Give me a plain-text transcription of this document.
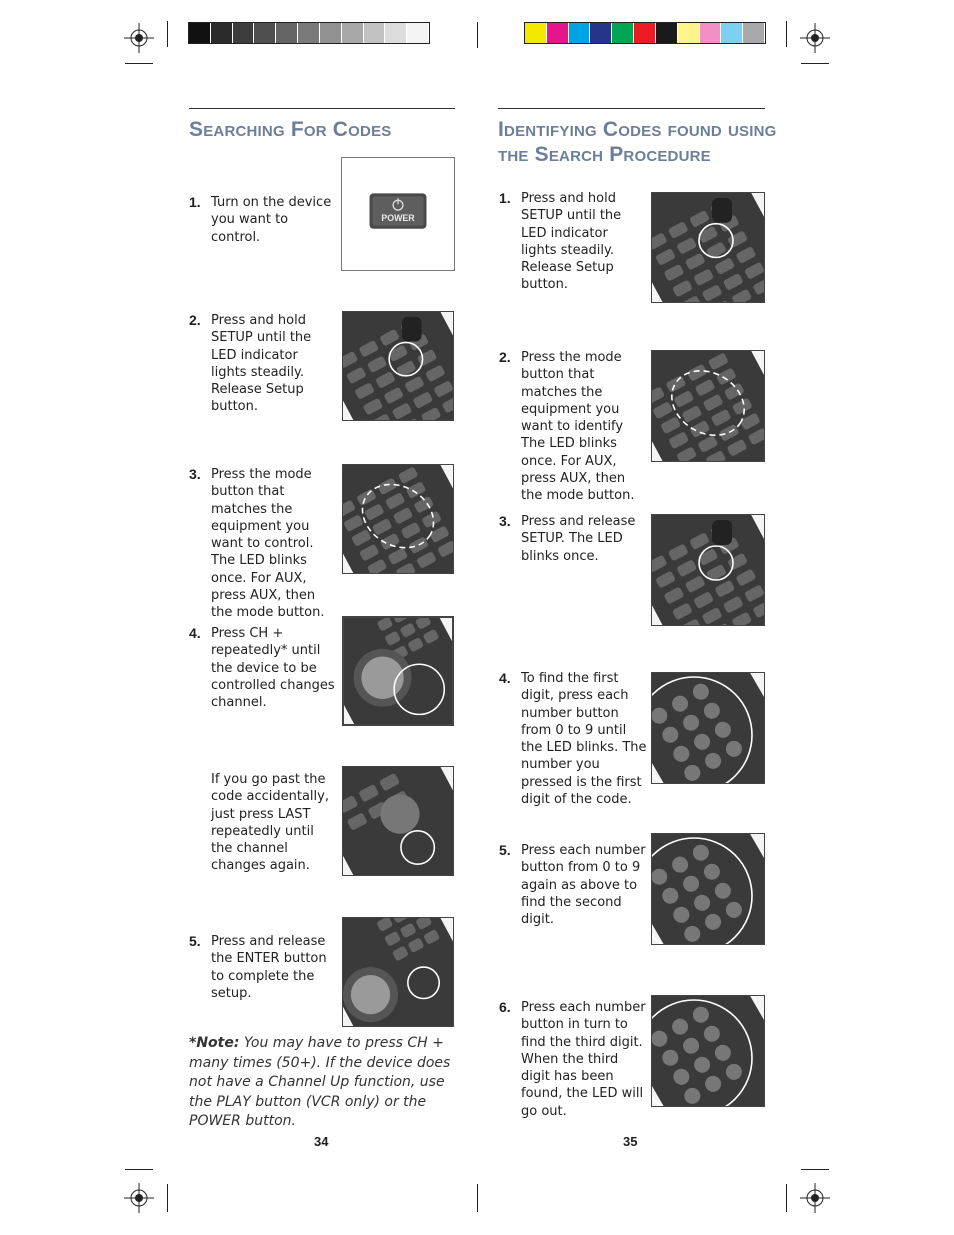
Searching For Codes
1. Turn on the device you want to control.
POWER
2. Press and hold SETUP until the LED indicator lights steadily. Release Setup button.
3. Press the mode button that matches the equipment you want to control. The LED blinks once. For AUX, press AUX, then the mode button.
4. Press CH + repeatedly* until the device to be controlled changes channel.
If you go past the code accidentally, just press LAST repeatedly until the channel changes again.
5. Press and release the ENTER button to complete the setup.
*Note: You may have to press CH + many times (50+). If the device does not have a Channel Up function, use the PLAY button (VCR only) or the POWER button.
34
Identifying Codes found using
the Search Procedure
1. Press and hold SETUP until the LED indicator lights steadily. Release Setup button.
2. Press the mode button that matches the equipment you want to identify The LED blinks once. For AUX, press AUX, then the mode button.
3. Press and release SETUP. The LED blinks once.
4. To find the first digit, press each number button from 0 to 9 until the LED blinks. The number you pressed is the first digit of the code.
5. Press each number button from 0 to 9 again as above to find the second digit.
6. Press each number button in turn to find the third digit. When the third digit has been found, the LED will go out.
35
